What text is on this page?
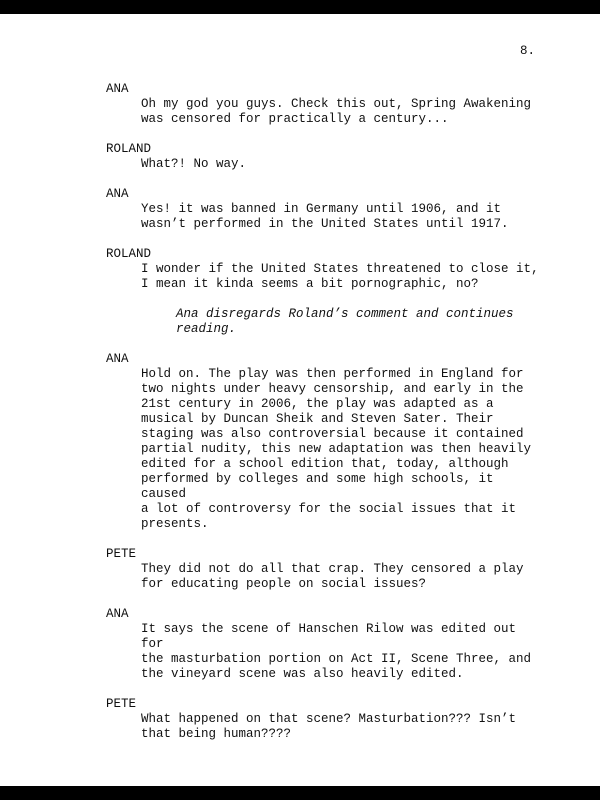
8.
ANA
Oh my god you guys. Check this out, Spring Awakening
was censored for practically a century...
ROLAND
What?! No way.
ANA
Yes! it was banned in Germany until 1906, and it
wasn’t performed in the United States until 1917.
ROLAND
I wonder if the United States threatened to close it,
I mean it kinda seems a bit pornographic, no?
Ana disregards Roland’s comment and continues
reading.
ANA
Hold on. The play was then performed in England for
two nights under heavy censorship, and early in the
21st century in 2006, the play was adapted as a
musical by Duncan Sheik and Steven Sater. Their
staging was also controversial because it contained
partial nudity, this new adaptation was then heavily
edited for a school edition that, today, although
performed by colleges and some high schools, it caused
a lot of controversy for the social issues that it
presents.
PETE
They did not do all that crap. They censored a play
for educating people on social issues?
ANA
It says the scene of Hanschen Rilow was edited out for
the masturbation portion on Act II, Scene Three, and
the vineyard scene was also heavily edited.
PETE
What happened on that scene? Masturbation??? Isn’t
that being human????
